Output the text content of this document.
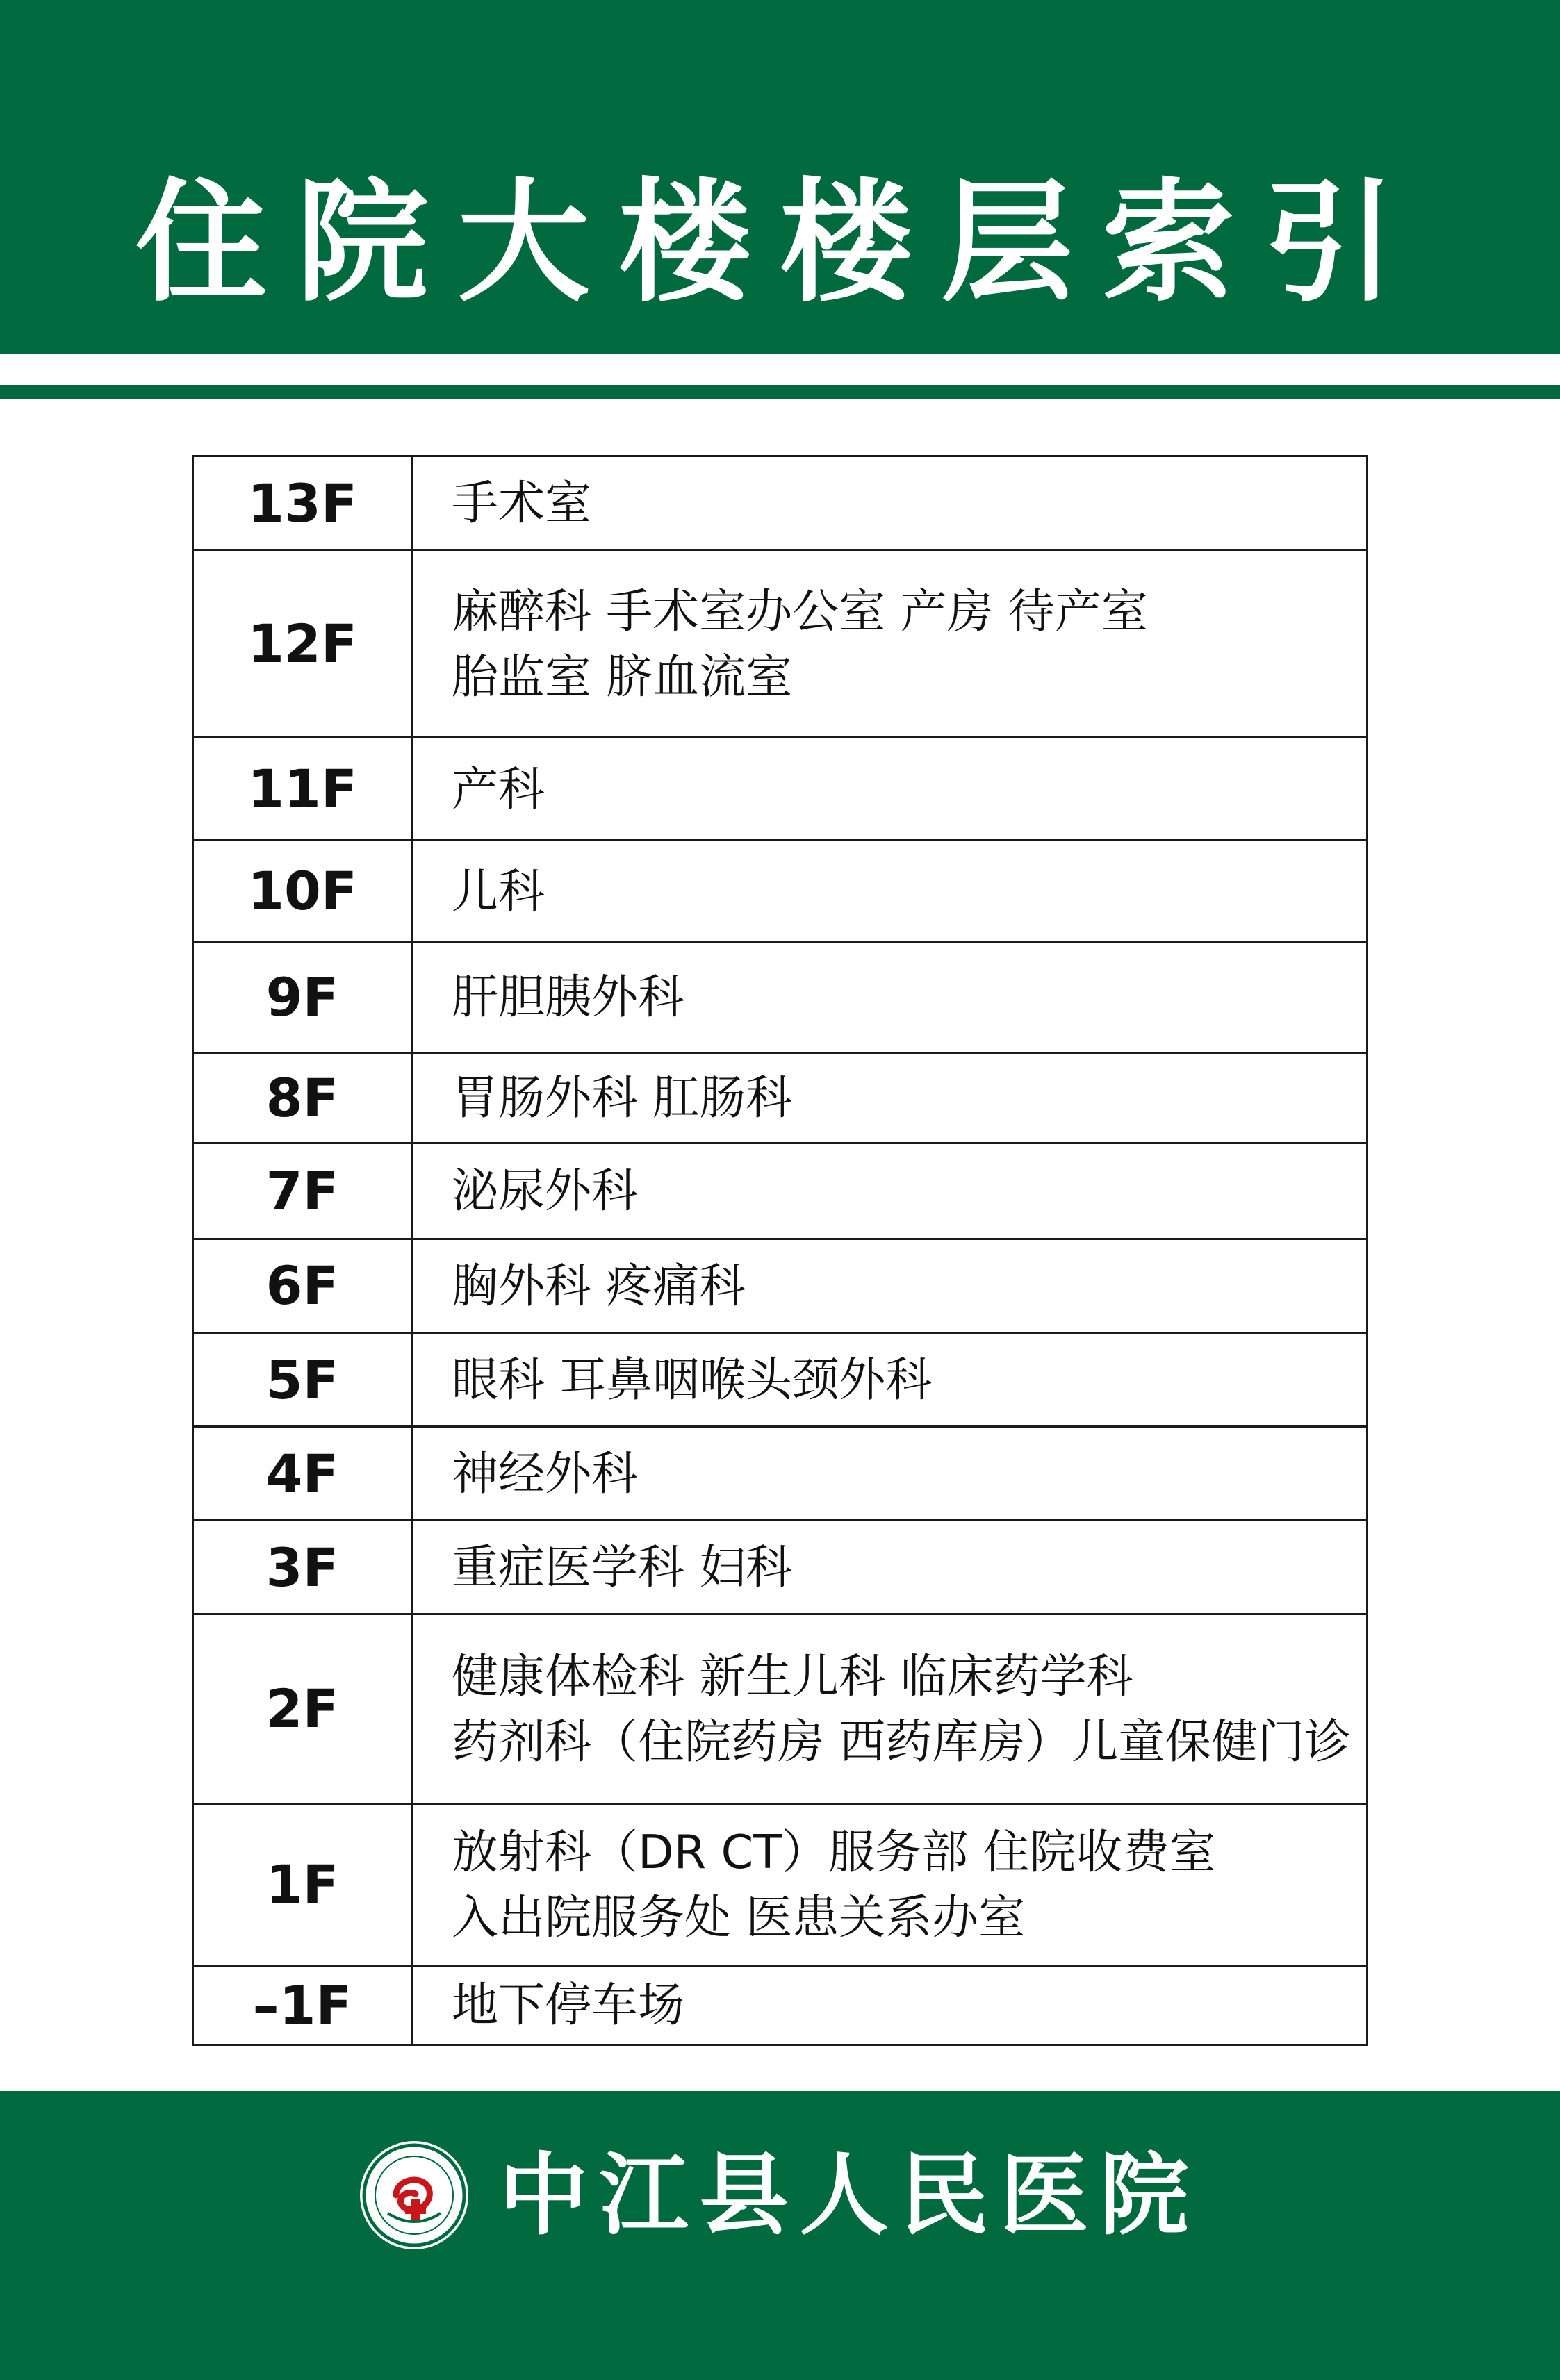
住院大楼楼层索引
13F	手术室

12F	麻醉科 手术室办公室 产房 待产室
胎监室 脐血流室

11F	产科

10F	儿科

9F	肝胆胰外科

8F	胃肠外科 肛肠科

7F	泌尿外科

6F	胸外科 疼痛科

5F	眼科 耳鼻咽喉头颈外科

4F	神经外科

3F	重症医学科 妇科

2F	健康体检科 新生儿科 临床药学科
药剂科（住院药房 西药库房）儿童保健门诊

1F	放射科（DR CT）服务部 住院收费室
入出院服务处 医患关系办室

–1F	地下停车场
中江县人民医院
